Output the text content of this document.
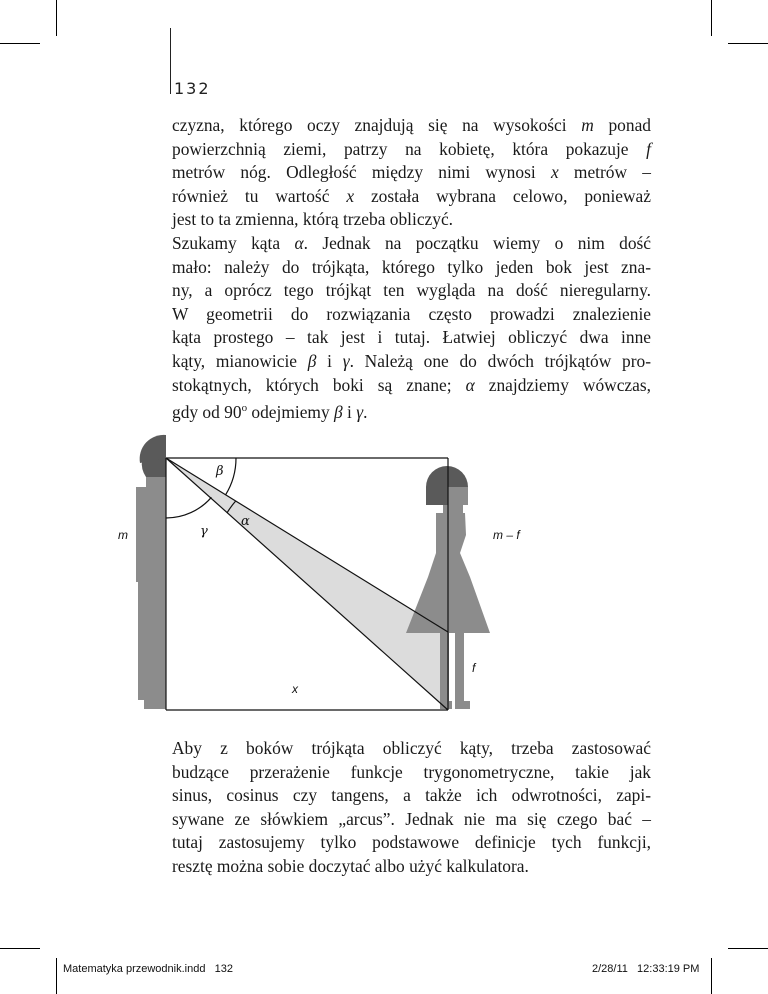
132
czyzna, którego oczy znajdują się na wysokości m ponad
powierzchnią ziemi, patrzy na kobietę, która pokazuje f
metrów nóg. Odległość między nimi wynosi x metrów –
również tu wartość x została wybrana celowo, ponieważ
jest to ta zmienna, którą trzeba obliczyć.
Szukamy kąta α. Jednak na początku wiemy o nim dość
mało: należy do trójkąta, którego tylko jeden bok jest zna-
ny, a oprócz tego trójkąt ten wygląda na dość nieregularny.
W geometrii do rozwiązania często prowadzi znalezienie
kąta prostego – tak jest i tutaj. Łatwiej obliczyć dwa inne
kąty, mianowicie β i γ. Należą one do dwóch trójkątów pro-
stokątnych, których boki są znane; α znajdziemy wówczas,
gdy od 90$^o$ odejmiemy β i γ.
β
γ
α
m	m – f
f
x
Aby z boków trójkąta obliczyć kąty, trzeba zastosować
budzące przerażenie funkcje trygonometryczne, takie jak
sinus, cosinus czy tangens, a także ich odwrotności, zapi-
sywane ze słówkiem „arcus”. Jednak nie ma się czego bać –
tutaj zastosujemy tylko podstawowe definicje tych funkcji,
resztę można sobie doczytać albo użyć kalkulatora.
Matematyka przewodnik.indd   132	2/28/11   12:33:19 PM
